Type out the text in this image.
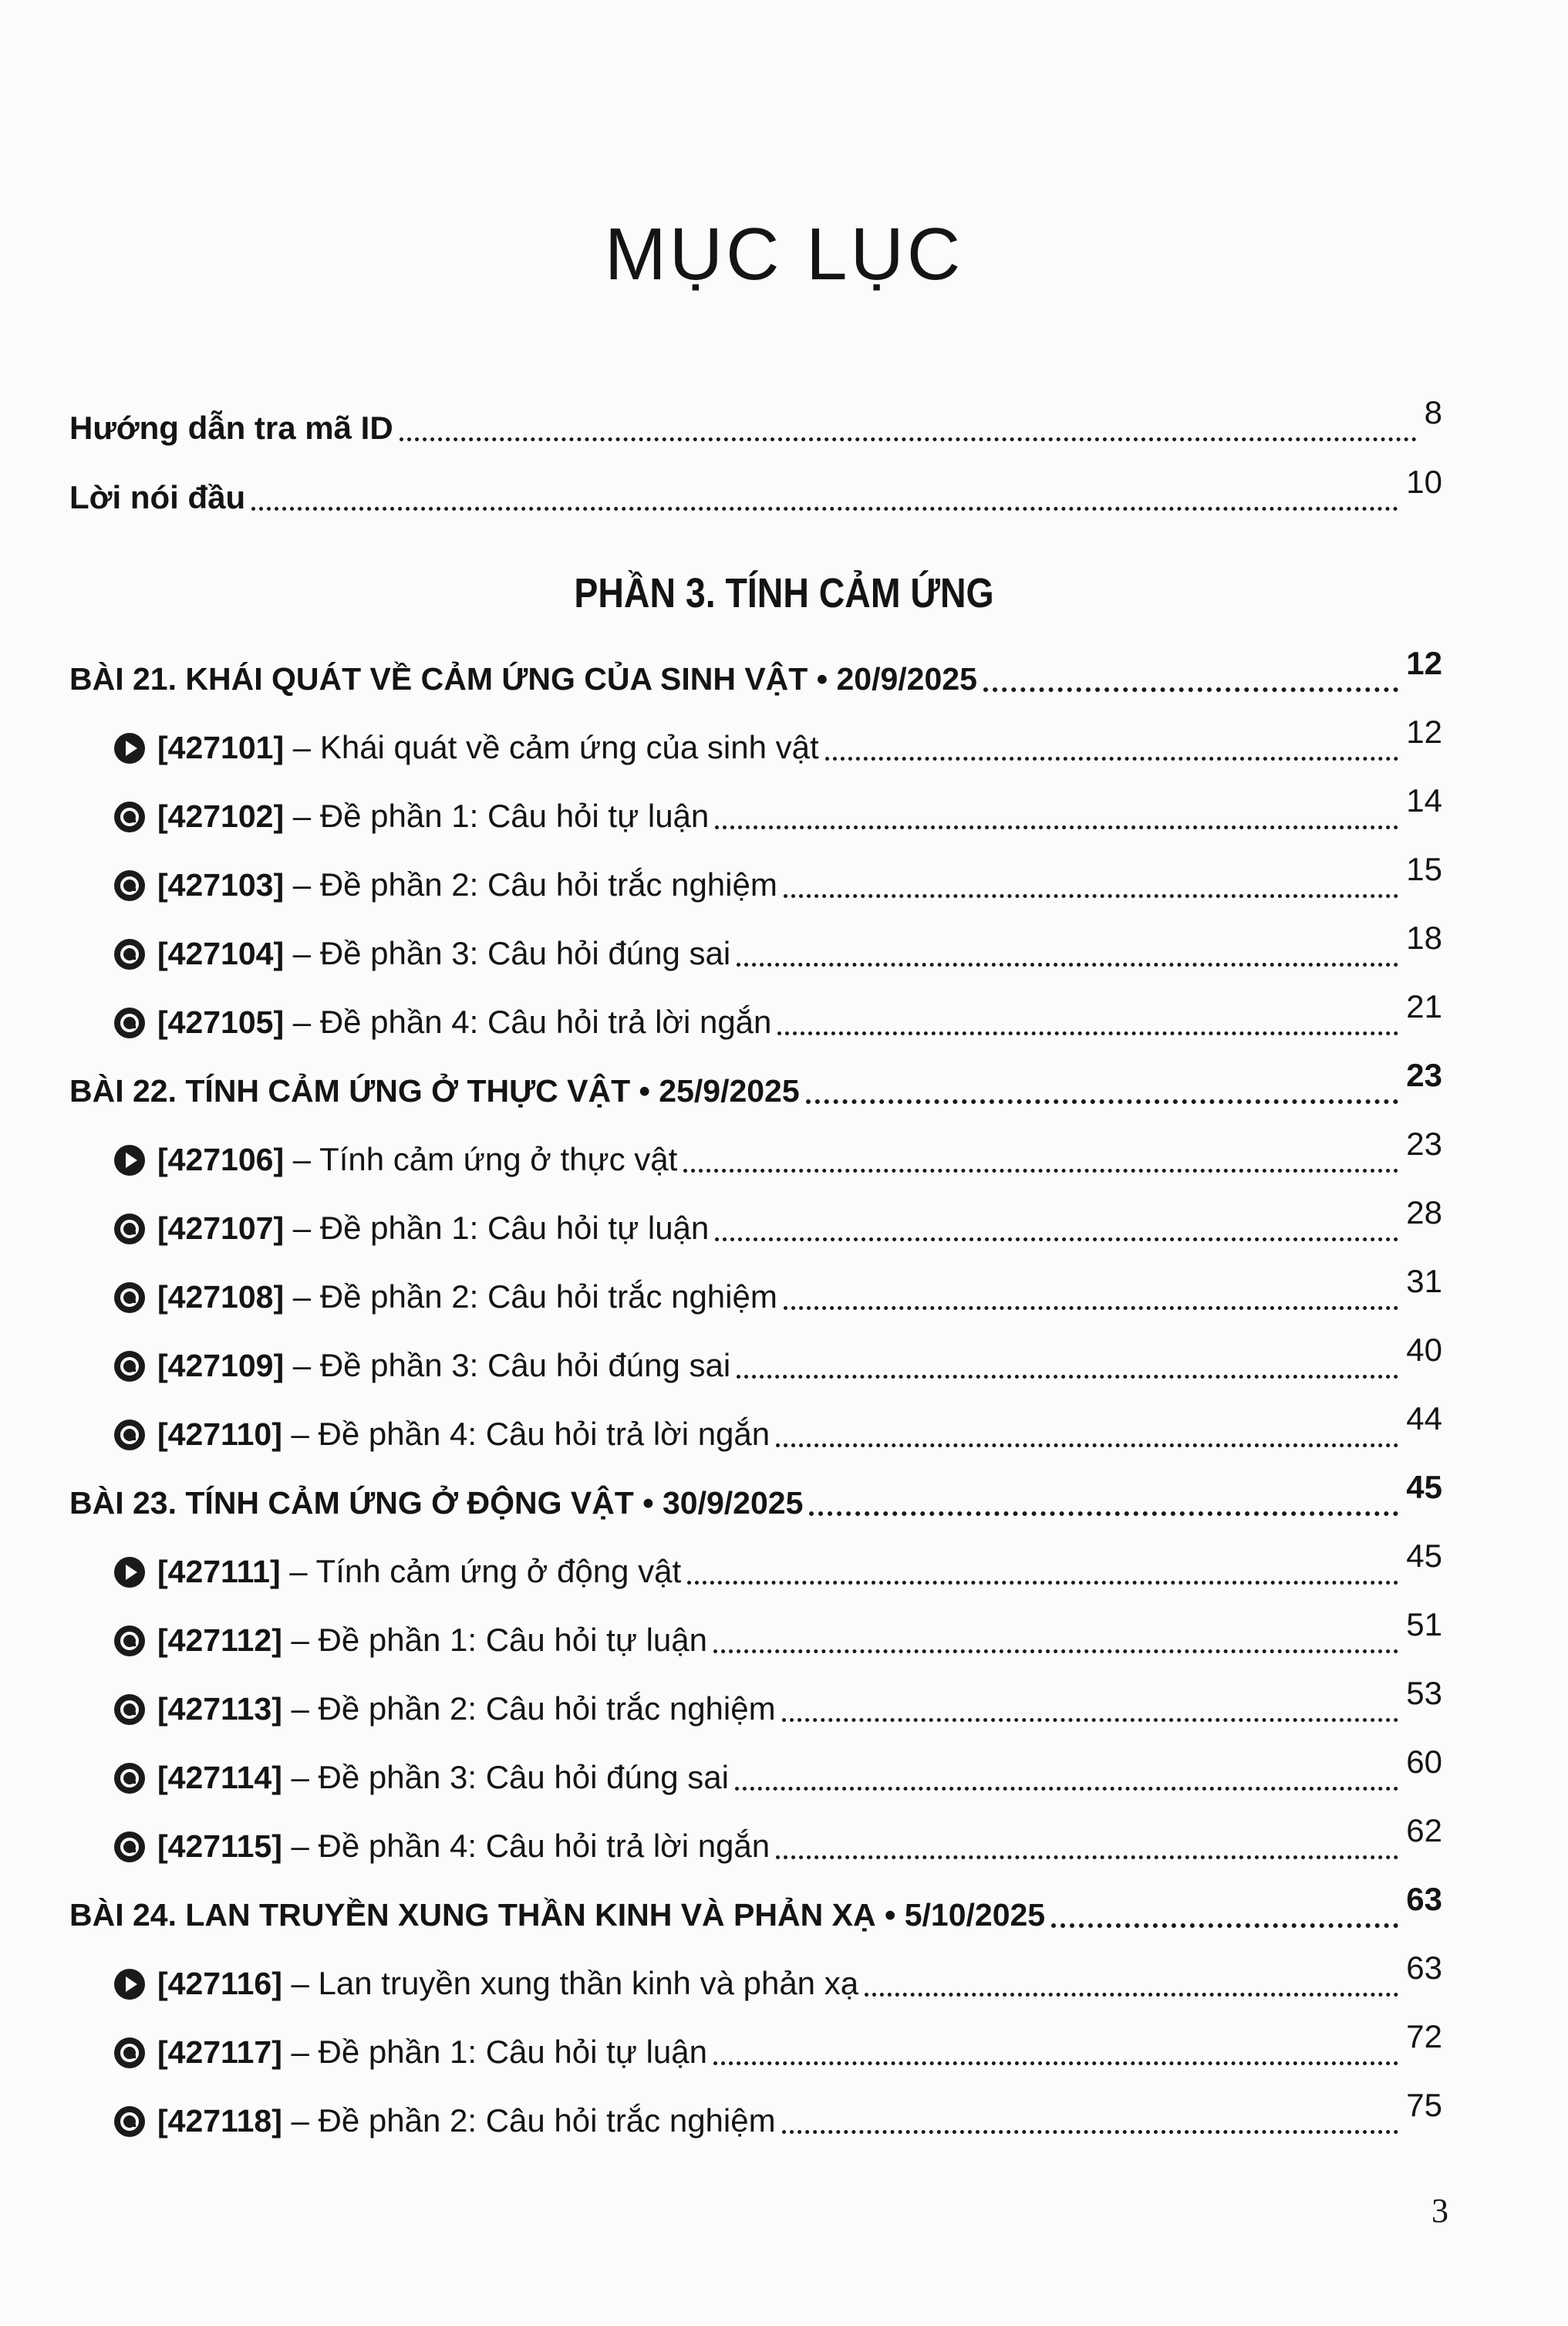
MỤC LỤC
Hướng dẫn tra mã ID	8
Lời nói đầu	10
PHẦN 3. TÍNH CẢM ỨNG
BÀI 21. KHÁI QUÁT VỀ CẢM ỨNG CỦA SINH VẬT • 20/9/2025	12
[427101] – Khái quát về cảm ứng của sinh vật	12
[427102] – Đề phần 1: Câu hỏi tự luận	14
[427103] – Đề phần 2: Câu hỏi trắc nghiệm	15
[427104] – Đề phần 3: Câu hỏi đúng sai	18
[427105] – Đề phần 4: Câu hỏi trả lời ngắn	21
BÀI 22. TÍNH CẢM ỨNG Ở THỰC VẬT • 25/9/2025	23
[427106] – Tính cảm ứng ở thực vật	23
[427107] – Đề phần 1: Câu hỏi tự luận	28
[427108] – Đề phần 2: Câu hỏi trắc nghiệm	31
[427109] – Đề phần 3: Câu hỏi đúng sai	40
[427110] – Đề phần 4: Câu hỏi trả lời ngắn	44
BÀI 23. TÍNH CẢM ỨNG Ở ĐỘNG VẬT • 30/9/2025	45
[427111] – Tính cảm ứng ở động vật	45
[427112] – Đề phần 1: Câu hỏi tự luận	51
[427113] – Đề phần 2: Câu hỏi trắc nghiệm	53
[427114] – Đề phần 3: Câu hỏi đúng sai	60
[427115] – Đề phần 4: Câu hỏi trả lời ngắn	62
BÀI 24. LAN TRUYỀN XUNG THẦN KINH VÀ PHẢN XẠ • 5/10/2025	63
[427116] – Lan truyền xung thần kinh và phản xạ	63
[427117] – Đề phần 1: Câu hỏi tự luận	72
[427118] – Đề phần 2: Câu hỏi trắc nghiệm	75
3
